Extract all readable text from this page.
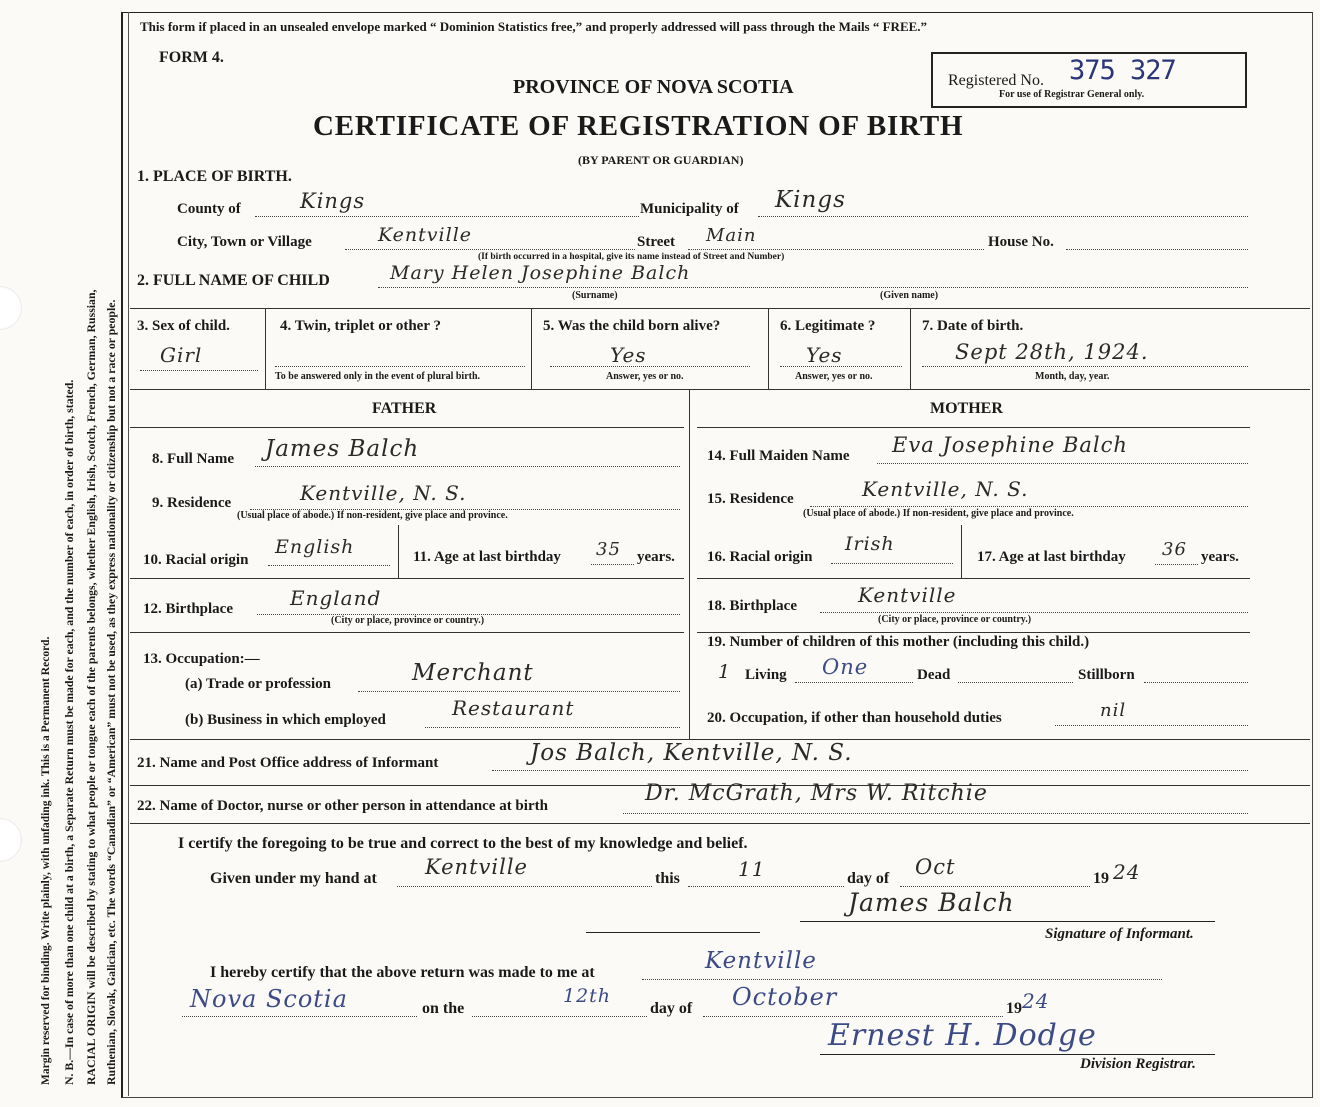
Margin reserved for binding. Write plainly, with unfading ink. This is a Permanent Record. N. B.—In case of more than one child at a birth, a Separate Return must be made for each, and the number of each, in order of birth, stated. RACIAL ORIGIN will be described by stating to what people or tongue each of the parents belongs, whether English, Irish, Scotch, French, German, Russian, Ruthenian, Slovak, Galician, etc. The words “Canadian” or “American” must not be used, as they express nationality or citizenship but not a race or people.
This form if placed in an unsealed envelope marked “ Dominion Statistics free,” and properly addressed will pass through the Mails “ FREE.”
FORM 4.
PROVINCE OF NOVA SCOTIA
CERTIFICATE OF REGISTRATION OF BIRTH
(BY PARENT OR GUARDIAN)
Registered No. 375 327
For use of Registrar General only.
1. PLACE OF BIRTH.
County of	Kings	Municipality of Kings
City, Town or Village	Kentville	Street Main	House No.
(If birth occurred in a hospital, give its name instead of Street and Number)
2. FULL NAME OF CHILD	Mary Helen Josephine Balch
(Surname)	(Given name)
3. Sex of child.
Girl
4. Twin, triplet or other ?
To be answered only in the event of plural birth.
5. Was the child born alive?
Yes
Answer, yes or no.
6. Legitimate ?
Yes
Answer, yes or no.
7. Date of birth.
Sept 28th, 1924.
Month, day, year.
FATHER
8. Full Name James Balch
9. Residence	Kentville, N. S.
(Usual place of abode.) If non-resident, give place and province.
10. Racial origin
English	11. Age at last birthday 35 years.
12. Birthplace	England
(City or place, province or country.)
13. Occupation:—
(a) Trade or profession	Merchant
(b) Business in which employed	Restaurant
MOTHER
14. Full Maiden Name Eva Josephine Balch
15. Residence	Kentville, N. S.
(Usual place of abode.) If non-resident, give place and province.
16. Racial origin
Irish
17. Age at last birthday 36 years.
18. Birthplace	Kentville
(City or place, province or country.)
19. Number of children of this mother (including this child.)
1 Living One	Dead	Stillborn
20. Occupation, if other than household duties	nil
21. Name and Post Office address of Informant	Jos Balch, Kentville, N. S.
22. Name of Doctor, nurse or other person in attendance at birth	Dr. McGrath, Mrs W. Ritchie
I certify the foregoing to be true and correct to the best of my knowledge and belief.
Given under my hand at Kentville	this	11	day of Oct	19 24
James Balch
Signature of Informant.
I hereby certify that the above return was made to me at	Kentville
Nova Scotia	on the
12th
day of October	19 24
Ernest H. Dodge
Division Registrar.
